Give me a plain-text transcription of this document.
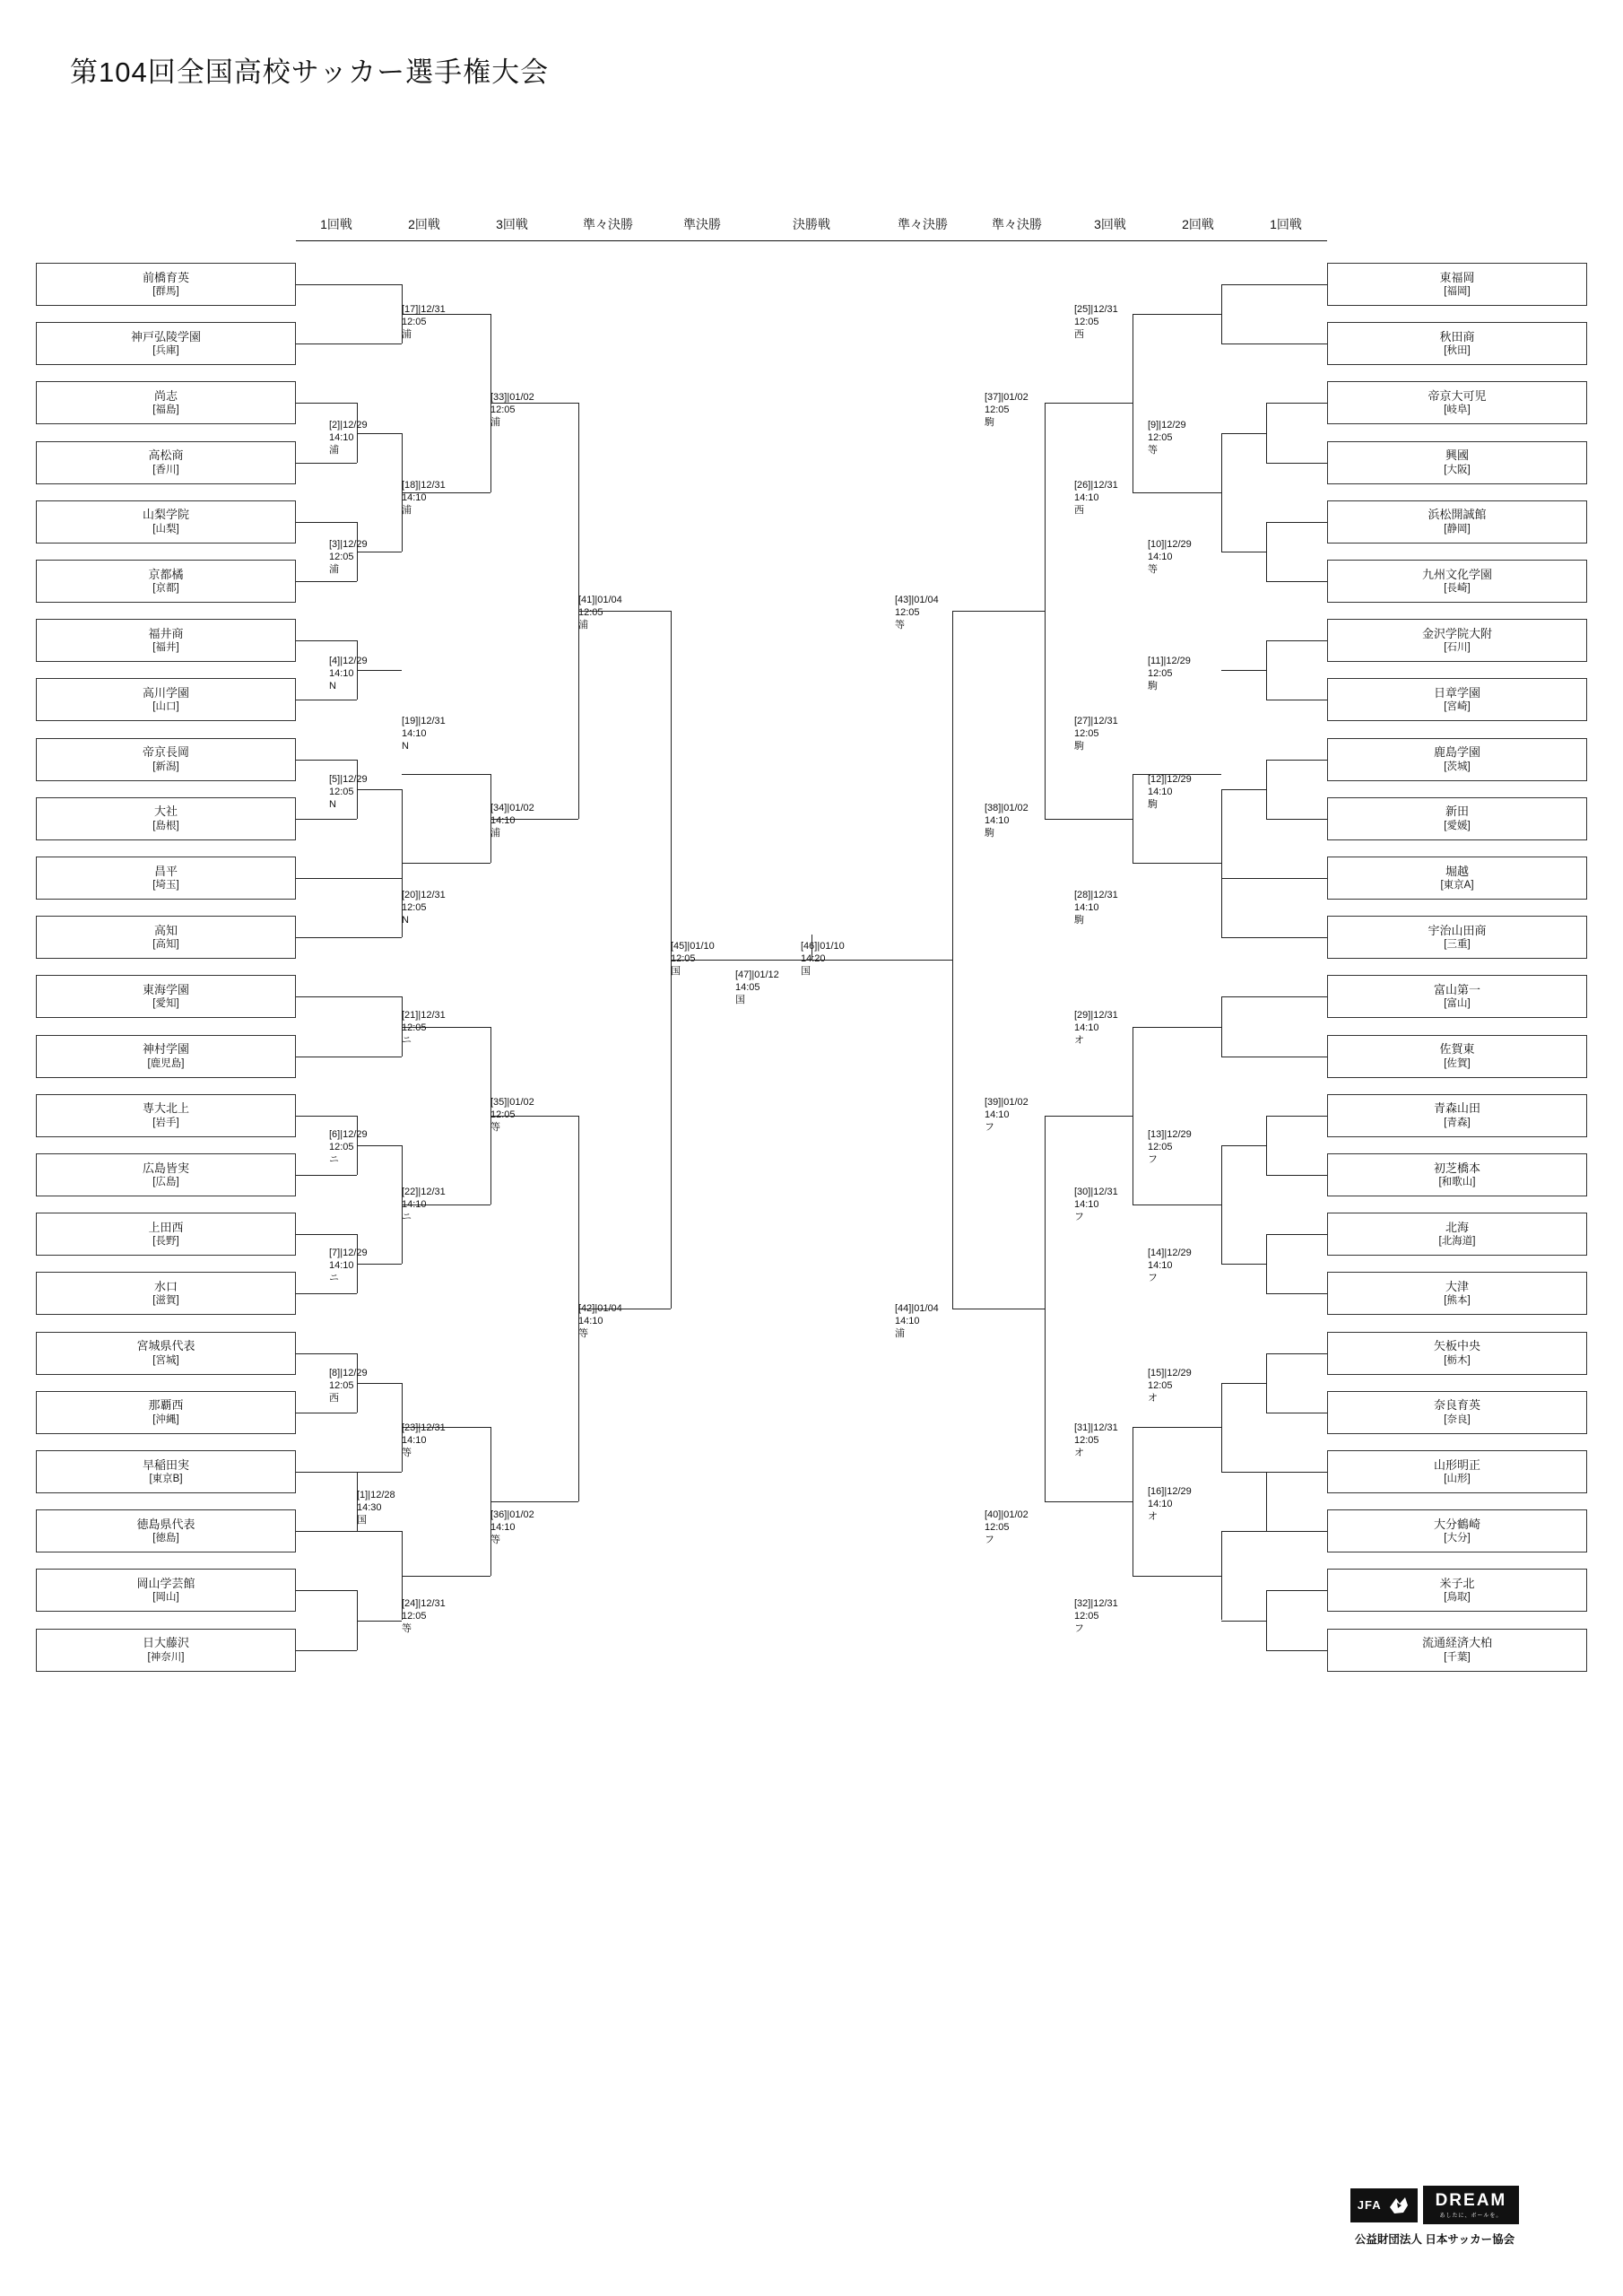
第104回全国高校サッカー選手権大会
1回戦	2回戦	3回戦	準々決勝	準決勝	決勝戦	準々決勝	準々決勝	3回戦	2回戦	1回戦
前橋育英
[群馬]
神戸弘陵学園
[兵庫]
尚志
[福島]
高松商
[香川]
山梨学院
[山梨]
京都橘
[京都]
福井商
[福井]
高川学園
[山口]
帝京長岡
[新潟]
大社
[島根]
昌平
[埼玉]
高知
[高知]
東海学園
[愛知]
神村学園
[鹿児島]
専大北上
[岩手]
広島皆実
[広島]
上田西
[長野]
水口
[滋賀]
宮城県代表
[宮城]
那覇西
[沖縄]
早稲田実
[東京B]
徳島県代表
[徳島]
岡山学芸館
[岡山]
日大藤沢
[神奈川]
東福岡
[福岡]
秋田商
[秋田]
帝京大可児
[岐阜]
興國
[大阪]
浜松開誠館
[静岡]
九州文化学園
[長崎]
金沢学院大附
[石川]
日章学園
[宮崎]
鹿島学園
[茨城]
新田
[愛媛]
堀越
[東京A]
宇治山田商
[三重]
富山第一
[富山]
佐賀東
[佐賀]
青森山田
[青森]
初芝橋本
[和歌山]
北海
[北海道]
大津
[熊本]
矢板中央
[栃木]
奈良育英
[奈良]
山形明正
[山形]
大分鶴崎
[大分]
米子北
[鳥取]
流通経済大柏
[千葉]
[1]|12/28
14:30
国
[2]|12/29
14:10
浦
[3]|12/29
12:05
浦
[4]|12/29
14:10
N
[5]|12/29
12:05
N
[6]|12/29
12:05
ニ
[7]|12/29
14:10
ニ
[8]|12/29
12:05
西
[9]|12/29
12:05
等
[10]|12/29
14:10
等
[11]|12/29
12:05
駒
[12]|12/29
14:10
駒
[13]|12/29
12:05
フ
[14]|12/29
14:10
フ
[15]|12/29
12:05
オ
[16]|12/29
14:10
オ
[17]|12/31
12:05
浦
[18]|12/31
14:10
浦
[19]|12/31
14:10
N
[20]|12/31
12:05
N
[21]|12/31
12:05
ニ
[22]|12/31
14:10
ニ
[23]|12/31
14:10
等
[24]|12/31
12:05
等
[25]|12/31
12:05
西
[26]|12/31
14:10
西
[27]|12/31
12:05
駒
[28]|12/31
14:10
駒
[29]|12/31
14:10
オ
[30]|12/31
14:10
フ
[31]|12/31
12:05
オ
[32]|12/31
12:05
フ
[33]|01/02
12:05
浦
[34]|01/02
14:10
浦
[35]|01/02
12:05
等
[36]|01/02
14:10
等
[37]|01/02
12:05
駒
[38]|01/02
14:10
駒
[39]|01/02
14:10
フ
[40]|01/02
12:05
フ
[41]|01/04
12:05
浦
[42]|01/04
14:10
等
[43]|01/04
12:05
等
[44]|01/04
14:10
浦
[45]|01/10
12:05
国
[46]|01/10
14:20
国
[47]|01/12
14:05
国
JFA	DREAM
あしたに、ボールを。
公益財団法人 日本サッカー協会
